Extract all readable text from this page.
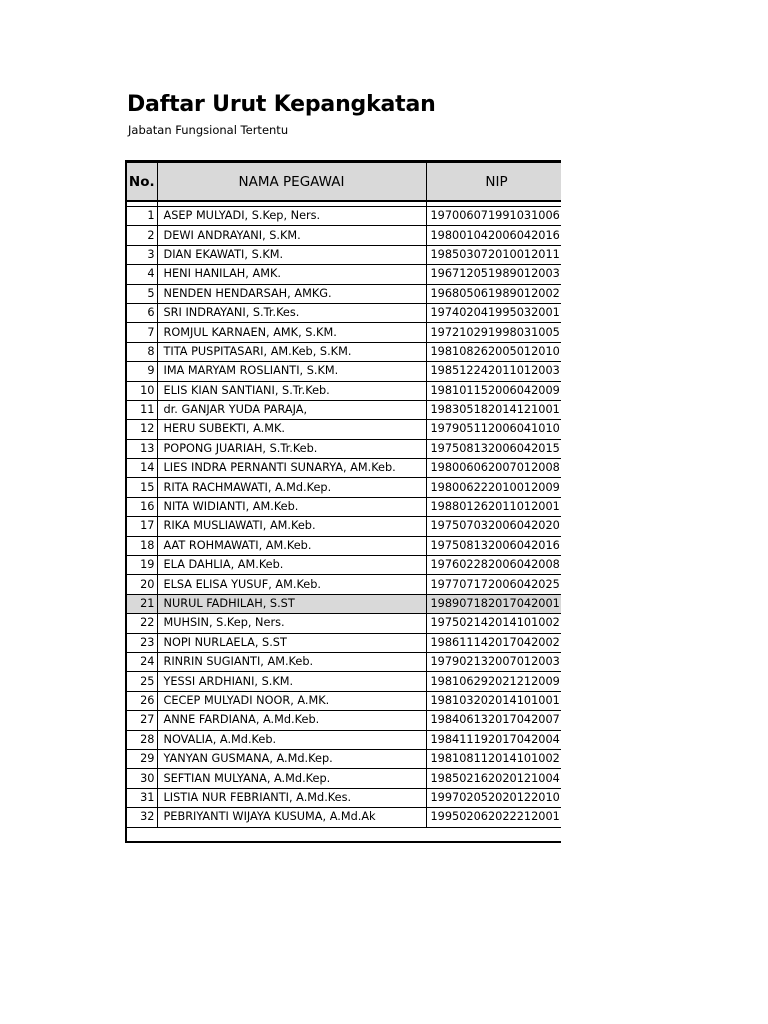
Daftar Urut Kepangkatan
Jabatan Fungsional Tertentu
No.	NAMA PEGAWAI	NIP

1	ASEP MULYADI, S.Kep, Ners.	197006071991031006
2	DEWI ANDRAYANI, S.KM.	198001042006042016
3	DIAN EKAWATI, S.KM.	198503072010012011
4	HENI HANILAH, AMK.	196712051989012003
5	NENDEN HENDARSAH, AMKG.	196805061989012002
6	SRI INDRAYANI, S.Tr.Kes.	197402041995032001
7	ROMJUL KARNAEN, AMK, S.KM.	197210291998031005
8	TITA PUSPITASARI, AM.Keb, S.KM.	198108262005012010
9	IMA MARYAM ROSLIANTI, S.KM.	198512242011012003
10	ELIS KIAN SANTIANI, S.Tr.Keb.	198101152006042009
11	dr. GANJAR YUDA PARAJA,	198305182014121001
12	HERU SUBEKTI, A.MK.	197905112006041010
13	POPONG JUARIAH, S.Tr.Keb.	197508132006042015
14	LIES INDRA PERNANTI SUNARYA, AM.Keb.	198006062007012008
15	RITA RACHMAWATI, A.Md.Kep.	198006222010012009
16	NITA WIDIANTI, AM.Keb.	198801262011012001
17	RIKA MUSLIAWATI, AM.Keb.	197507032006042020
18	AAT ROHMAWATI, AM.Keb.	197508132006042016
19	ELA DAHLIA, AM.Keb.	197602282006042008
20	ELSA ELISA YUSUF, AM.Keb.	197707172006042025
21	NURUL FADHILAH, S.ST	198907182017042001
22	MUHSIN, S.Kep, Ners.	197502142014101002
23	NOPI NURLAELA, S.ST	198611142017042002
24	RINRIN SUGIANTI, AM.Keb.	197902132007012003
25	YESSI ARDHIANI, S.KM.	198106292021212009
26	CECEP MULYADI NOOR, A.MK.	198103202014101001
27	ANNE FARDIANA, A.Md.Keb.	198406132017042007
28	NOVALIA, A.Md.Keb.	198411192017042004
29	YANYAN GUSMANA, A.Md.Kep.	198108112014101002
30	SEFTIAN MULYANA, A.Md.Kep.	198502162020121004
31	LISTIA NUR FEBRIANTI, A.Md.Kes.	199702052020122010
32	PEBRIYANTI WIJAYA KUSUMA, A.Md.Ak	199502062022212001
